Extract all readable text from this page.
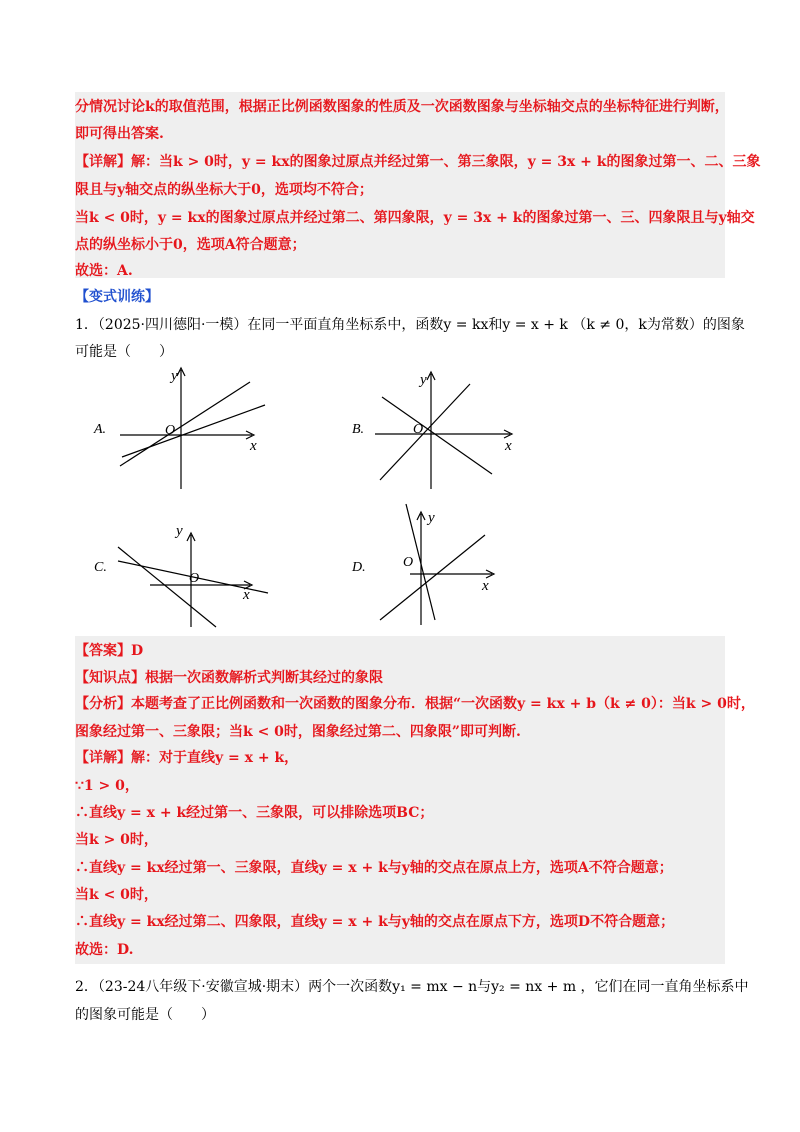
分情况讨论k的取值范围，根据正比例函数图象的性质及一次函数图象与坐标轴交点的坐标特征进行判断，
即可得出答案.
【详解】解：当k > 0时，y = kx的图象过原点并经过第一、第三象限，y = 3x + k的图象过第一、二、三象
限且与y轴交点的纵坐标大于0，选项均不符合；
当k < 0时，y = kx的图象过原点并经过第二、第四象限，y = 3x + k的图象过第一、三、四象限且与y轴交
点的纵坐标小于0，选项A符合题意；
故选：A.
【变式训练】
1．（2025·四川德阳·一模）在同一平面直角坐标系中，函数y = kx和y = x + k （k ≠ 0，k为常数）的图象
可能是（　　）
A.	B.
C.	D.
O
x
y
O
x
y
O
x
y
O
x
y
【答案】D
【知识点】根据一次函数解析式判断其经过的象限
【分析】本题考查了正比例函数和一次函数的图象分布．根据“一次函数y = kx + b（k ≠ 0）：当k > 0时，
图象经过第一、三象限；当k < 0时，图象经过第二、四象限”即可判断.
【详解】解：对于直线y = x + k，
∵1 > 0，
∴直线y = x + k经过第一、三象限，可以排除选项BC；
当k > 0时，
∴直线y = kx经过第一、三象限，直线y = x + k与y轴的交点在原点上方，选项A不符合题意；
当k < 0时，
∴直线y = kx经过第二、四象限，直线y = x + k与y轴的交点在原点下方，选项D不符合题意；
故选：D.
2．（23-24八年级下·安徽宣城·期末）两个一次函数y₁ = mx − n与y₂ = nx + m ，它们在同一直角坐标系中
的图象可能是（　　）
